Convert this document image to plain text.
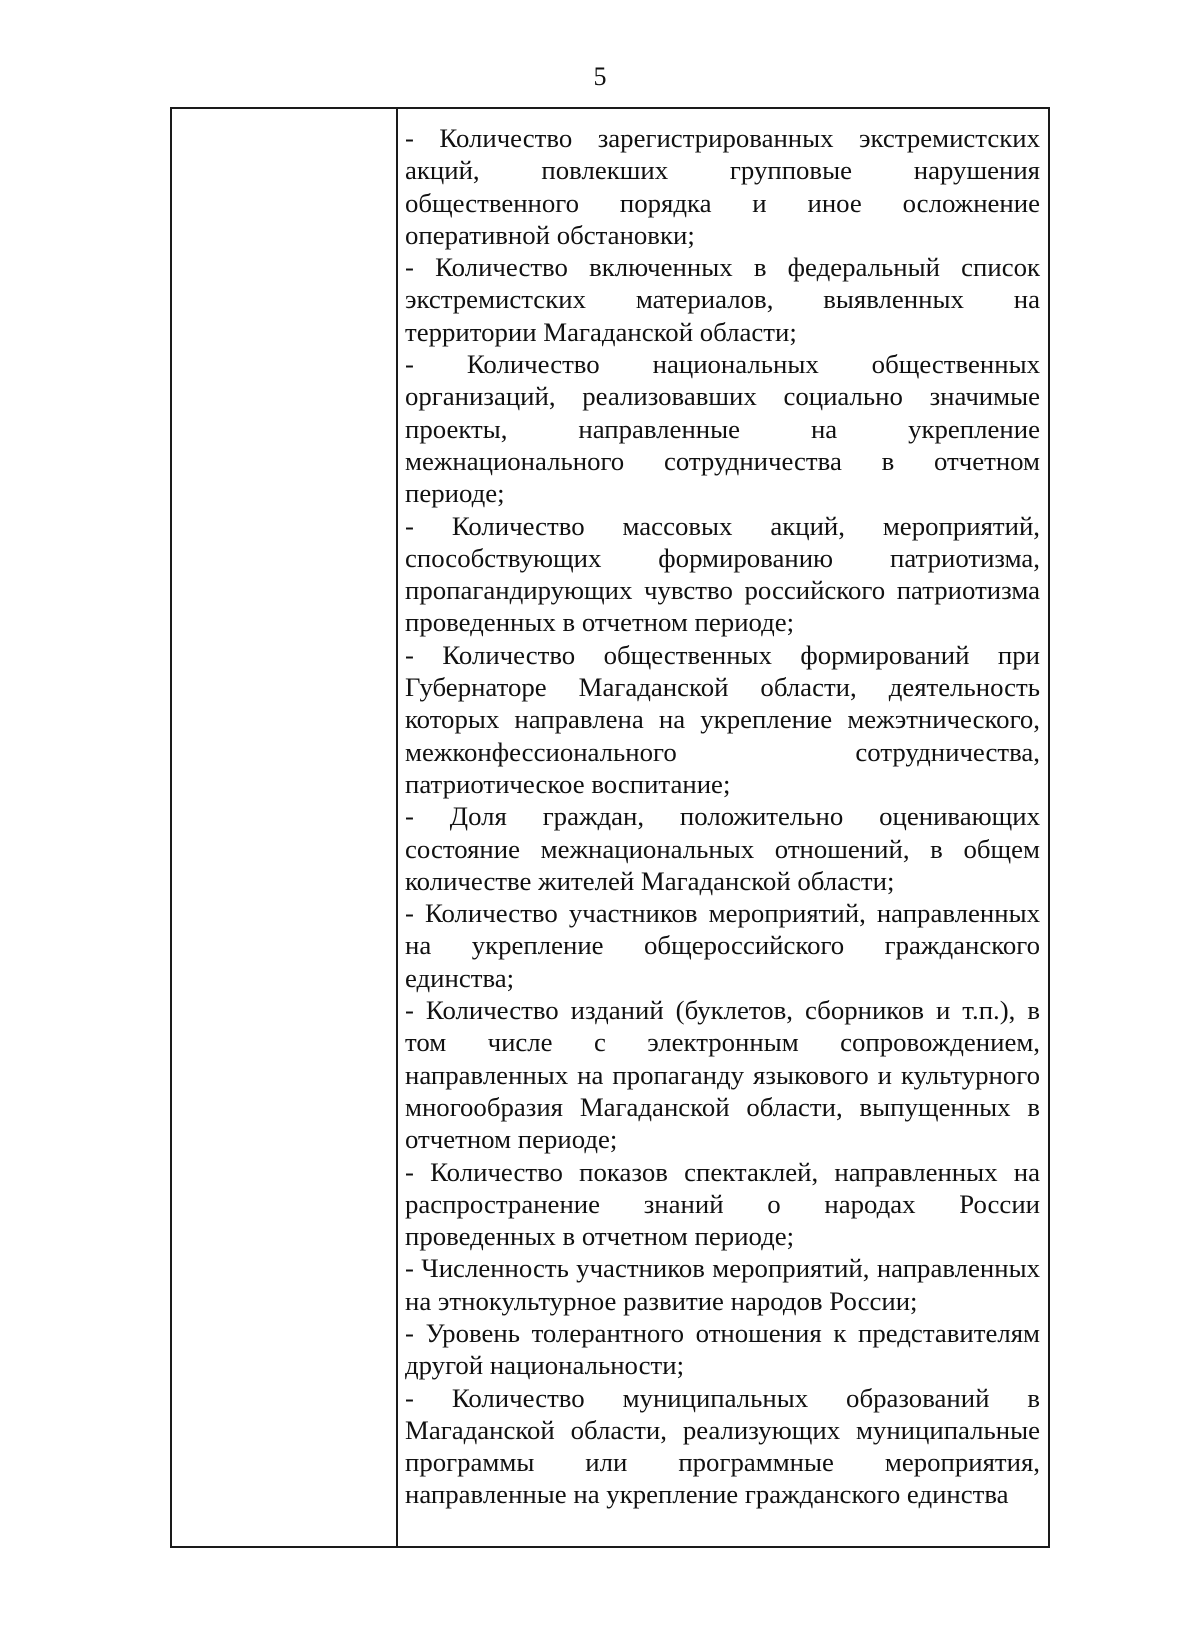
5

- Количество зарегистрированных экстремистских акций, повлекших групповые нарушения общественного порядка и иное осложнение оперативной обстановки;

- Количество включенных в федеральный список экстремистских материалов, выявленных на территории Магаданской области;

- Количество национальных общественных организаций, реализовавших социально значимые проекты, направленные на укрепление межнационального сотрудничества в отчетном периоде;

- Количество массовых акций, мероприятий, способствующих формированию патриотизма, пропагандирующих чувство российского патриотизма проведенных в отчетном периоде;

- Количество общественных формирований при Губернаторе Магаданской области, деятельность которых направлена на укрепление межэтнического, межконфессионального сотрудничества, патриотическое воспитание;

- Доля граждан, положительно оценивающих состояние межнациональных отношений, в общем количестве жителей Магаданской области;

- Количество участников мероприятий, направленных на укрепление общероссийского гражданского единства;

- Количество изданий (буклетов, сборников и т.п.), в том числе с электронным сопровождением, направленных на пропаганду языкового и культурного многообразия Магаданской области, выпущенных в отчетном периоде;

- Количество показов спектаклей, направленных на распространение знаний о народах России проведенных в отчетном периоде;

- Численность участников мероприятий, направленных на этнокультурное развитие народов России;

- Уровень толерантного отношения к представителям другой национальности;

- Количество муниципальных образований в Магаданской области, реализующих муниципальные программы или программные мероприятия, направленные на укрепление гражданского единства
